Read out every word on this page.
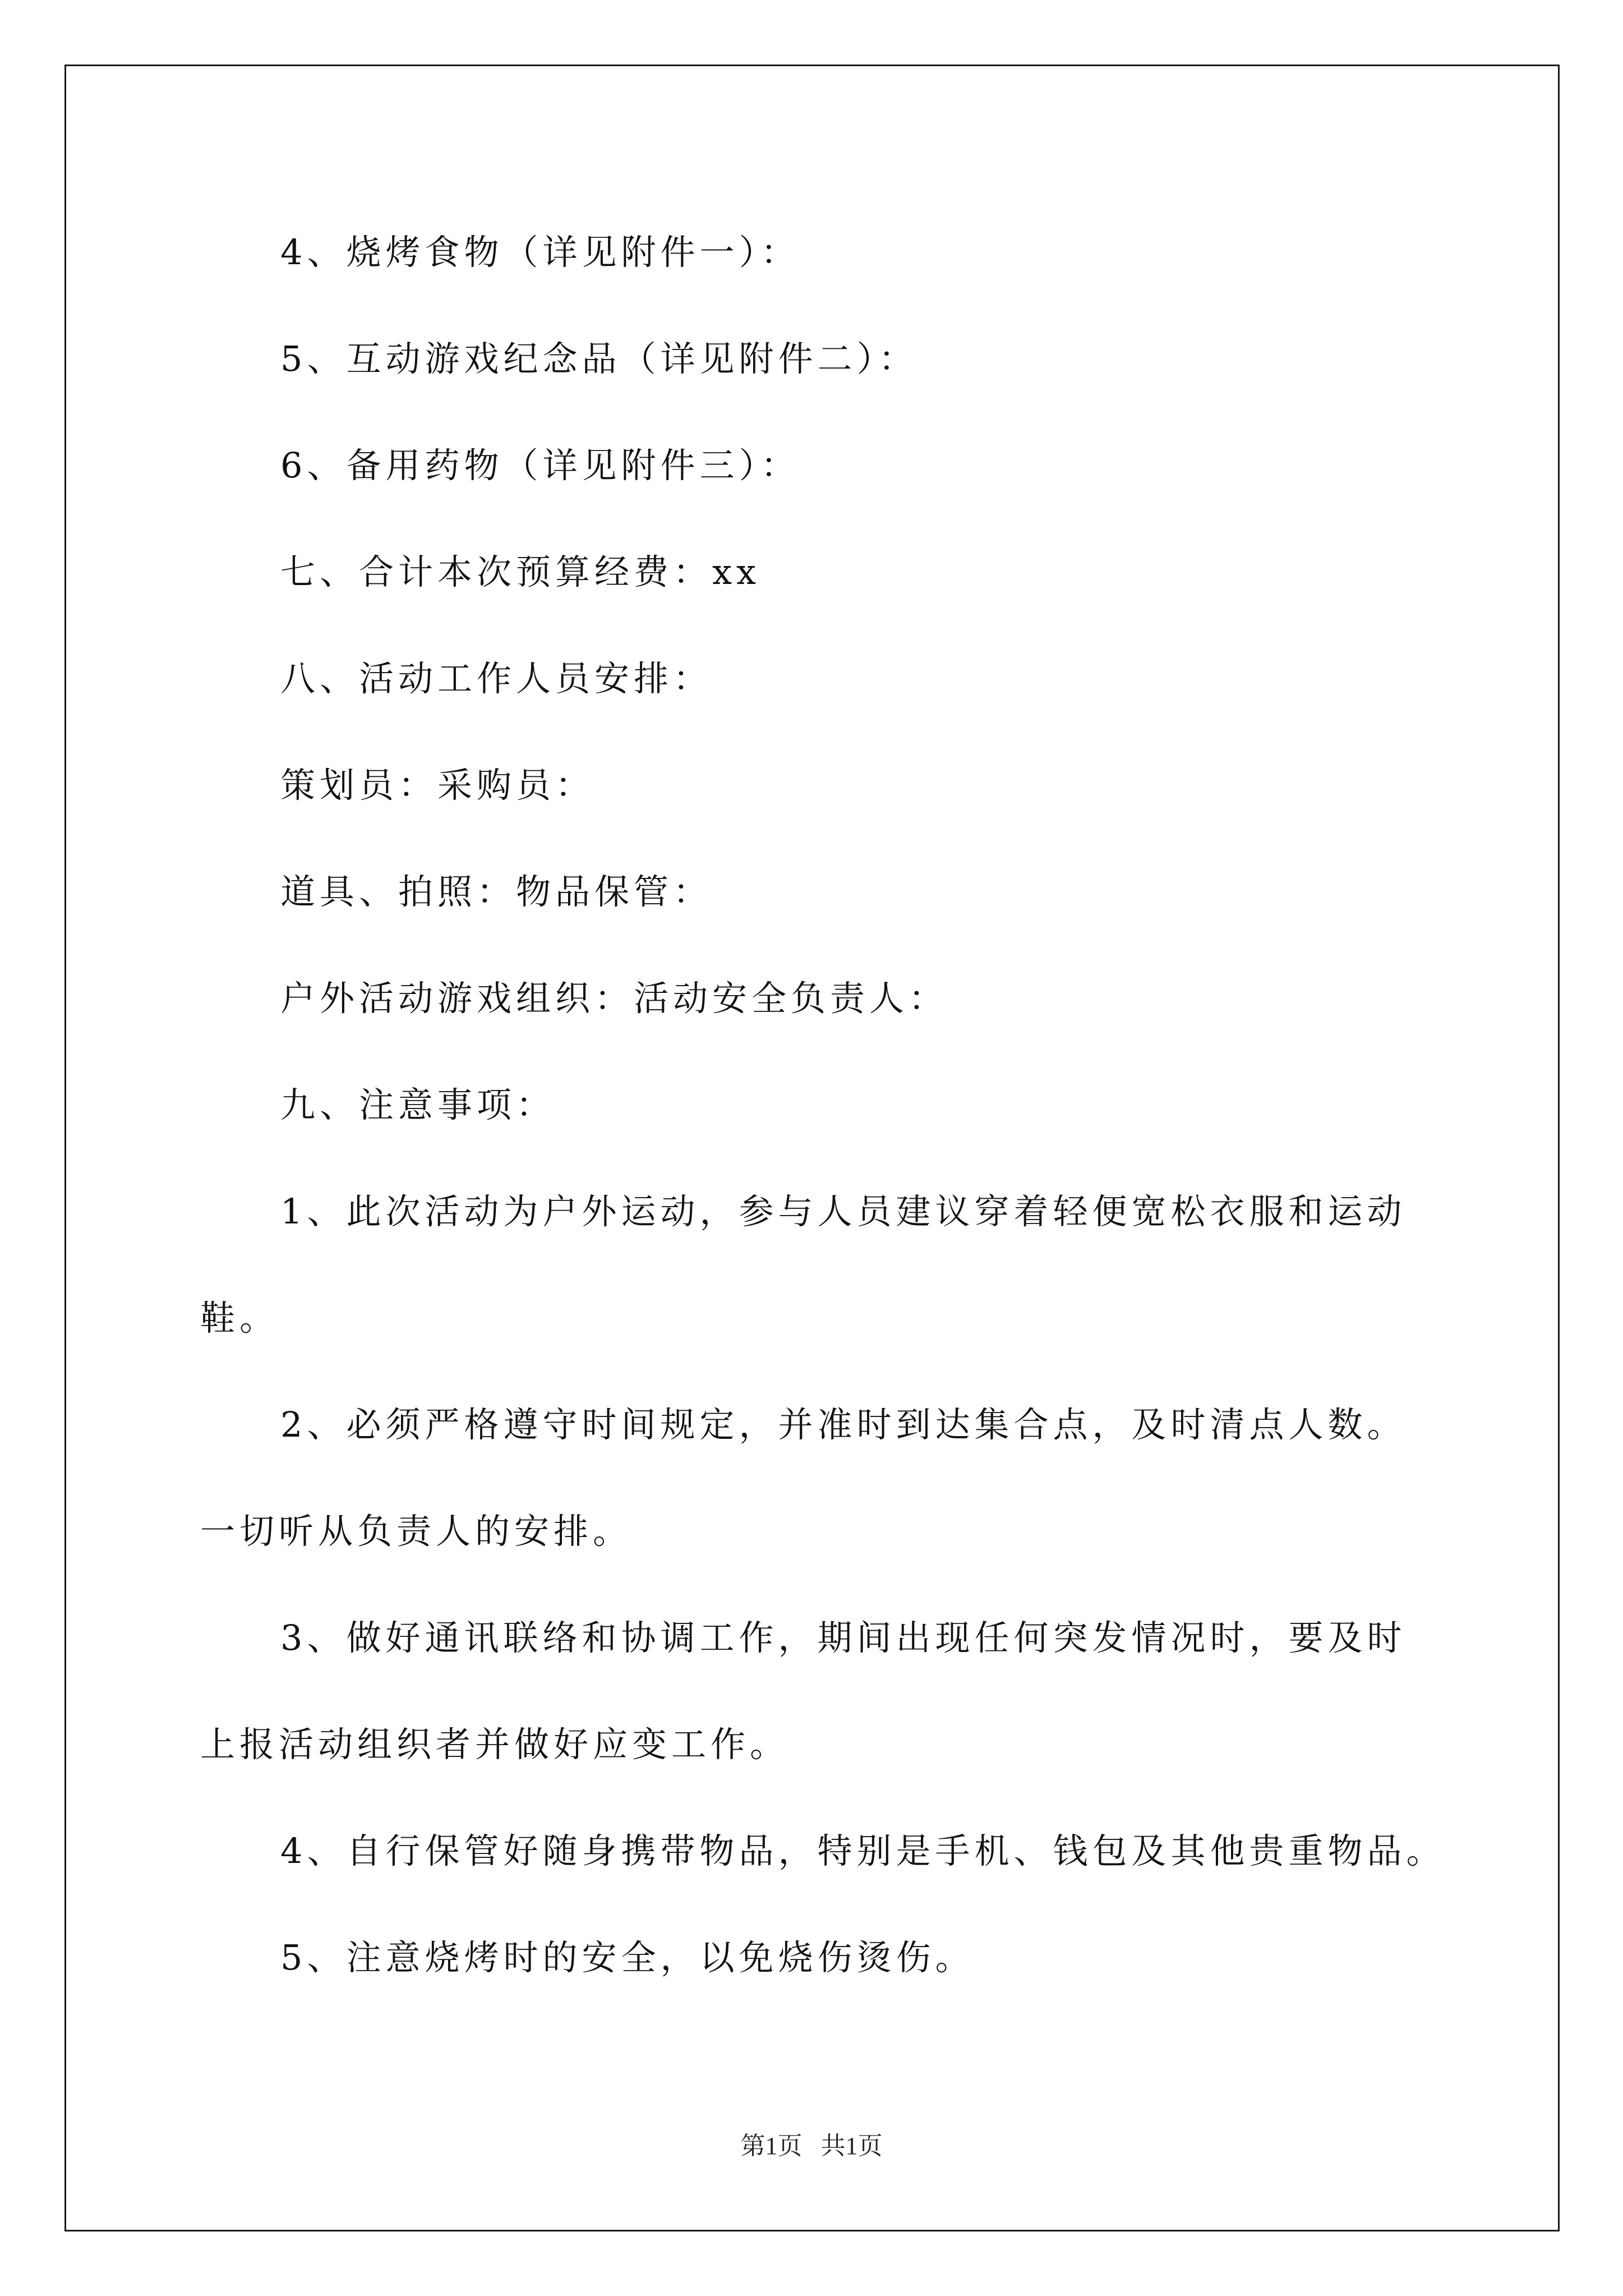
4、烧烤食物（详见附件一）：
5、互动游戏纪念品（详见附件二）：
6、备用药物（详见附件三）：
七、合计本次预算经费：xx
八、活动工作人员安排：
策划员：采购员：
道具、拍照：物品保管：
户外活动游戏组织：活动安全负责人：
九、注意事项：
1、此次活动为户外运动，参与人员建议穿着轻便宽松衣服和运动
鞋。
2、必须严格遵守时间规定，并准时到达集合点，及时清点人数。
一切听从负责人的安排。
3、做好通讯联络和协调工作，期间出现任何突发情况时，要及时
上报活动组织者并做好应变工作。
4、自行保管好随身携带物品，特别是手机、钱包及其他贵重物品。
5、注意烧烤时的安全，以免烧伤烫伤。
第1页   共1页
